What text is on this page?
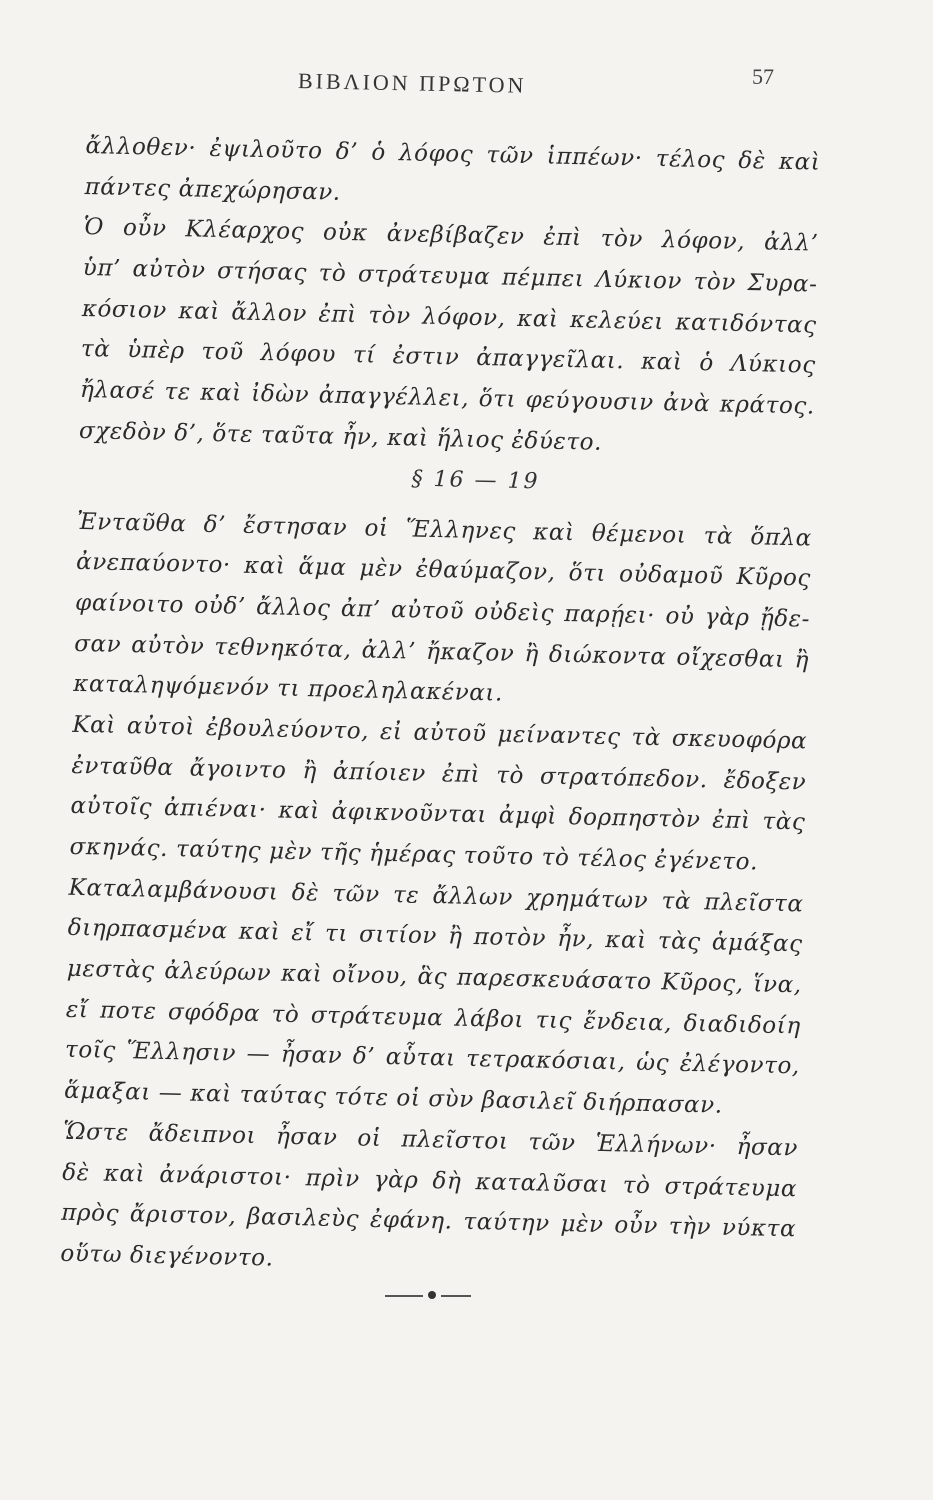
ΒΙΒΛΙΟΝ ΠΡΩΤΟΝ	57
ἄλλοθεν· ἐψιλοῦτο δ’ ὁ λόφος τῶν ἱππέων· τέλος δὲ καὶ
πάντες ἀπεχώρησαν.
Ὁ οὖν Κλέαρχος οὐκ ἀνεβίβαζεν ἐπὶ τὸν λόφον, ἀλλ’
ὑπ’ αὐτὸν στήσας τὸ στράτευμα πέμπει Λύκιον τὸν Συρα-
κόσιον καὶ ἄλλον ἐπὶ τὸν λόφον, καὶ κελεύει κατιδόντας
τὰ ὑπὲρ τοῦ λόφου τί ἐστιν ἀπαγγεῖλαι. καὶ ὁ Λύκιος
ἤλασέ τε καὶ ἰδὼν ἀπαγγέλλει, ὅτι φεύγουσιν ἀνὰ κράτος.
σχεδὸν δ’, ὅτε ταῦτα ἦν, καὶ ἥλιος ἐδύετο.
§ 16 — 19
Ἐνταῦθα δ’ ἔστησαν οἱ Ἕλληνες καὶ θέμενοι τὰ ὅπλα
ἀνεπαύοντο· καὶ ἅμα μὲν ἐθαύμαζον, ὅτι οὐδαμοῦ Κῦρος
φαίνοιτο οὐδ’ ἄλλος ἀπ’ αὐτοῦ οὐδεὶς παρῄει· οὐ γὰρ ᾔδε-
σαν αὐτὸν τεθνηκότα, ἀλλ’ ἤκαζον ἢ διώκοντα οἴχεσθαι ἢ
καταληψόμενόν τι προεληλακέναι.
Καὶ αὐτοὶ ἐβουλεύοντο, εἰ αὐτοῦ μείναντες τὰ σκευοφόρα
ἐνταῦθα ἄγοιντο ἢ ἀπίοιεν ἐπὶ τὸ στρατόπεδον. ἔδοξεν
αὐτοῖς ἀπιέναι· καὶ ἀφικνοῦνται ἀμφὶ δορπηστὸν ἐπὶ τὰς
σκηνάς. ταύτης μὲν τῆς ἡμέρας τοῦτο τὸ τέλος ἐγένετο.
Καταλαμβάνουσι δὲ τῶν τε ἄλλων χρημάτων τὰ πλεῖστα
διηρπασμένα καὶ εἴ τι σιτίον ἢ ποτὸν ἦν, καὶ τὰς ἁμάξας
μεστὰς ἀλεύρων καὶ οἴνου, ἃς παρεσκευάσατο Κῦρος, ἵνα,
εἴ ποτε σφόδρα τὸ στράτευμα λάβοι τις ἔνδεια, διαδιδοίη
τοῖς Ἕλλησιν — ἦσαν δ’ αὗται τετρακόσιαι, ὡς ἐλέγοντο,
ἅμαξαι — καὶ ταύτας τότε οἱ σὺν βασιλεῖ διήρπασαν.
Ὥστε ἄδειπνοι ἦσαν οἱ πλεῖστοι τῶν Ἑλλήνων· ἦσαν
δὲ καὶ ἀνάριστοι· πρὶν γὰρ δὴ καταλῦσαι τὸ στράτευμα
πρὸς ἄριστον, βασιλεὺς ἐφάνη. ταύτην μὲν οὖν τὴν νύκτα
οὕτω διεγένοντο.
